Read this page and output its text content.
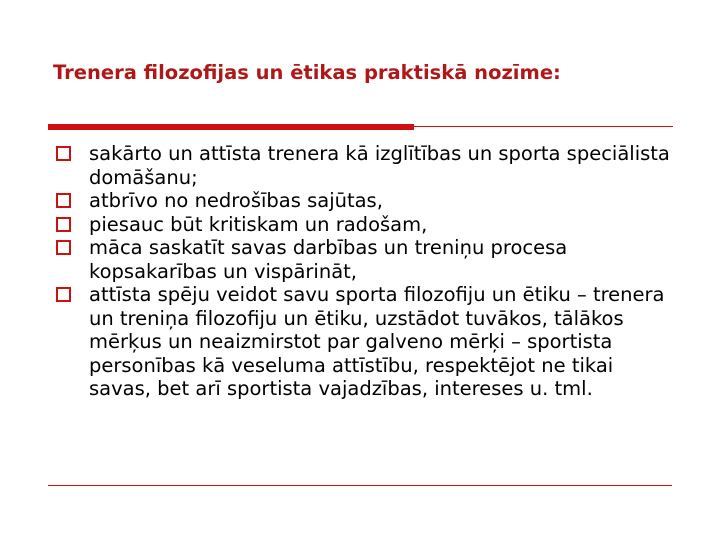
Trenera filozofijas un ētikas praktiskā nozīme:
sakārto un attīsta trenera kā izglītības un sporta speciālista domāšanu;
atbrīvo no nedrošības sajūtas,
piesauc būt kritiskam un radošam,
māca saskatīt savas darbības un treniņu procesa kopsakarības un vispārināt,
attīsta spēju veidot savu sporta filozofiju un ētiku – trenera un treniņa filozofiju un ētiku, uzstādot tuvākos, tālākos mērķus un neaizmirstot par galveno mērķi – sportista personības kā veseluma attīstību, respektējot ne tikai savas, bet arī sportista vajadzības, intereses u. tml.
